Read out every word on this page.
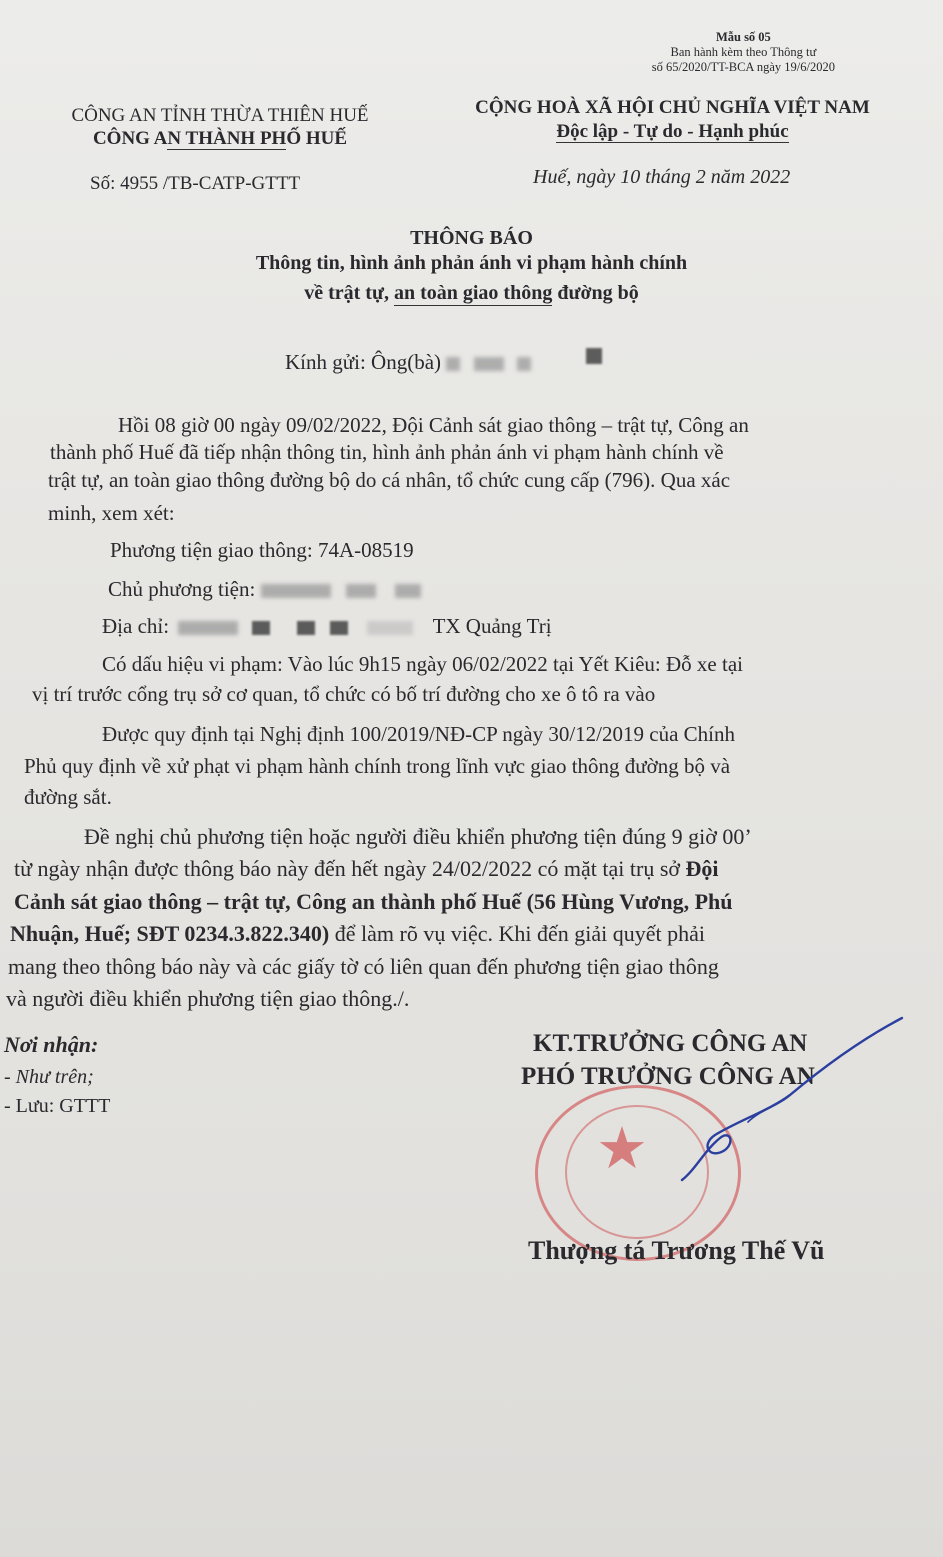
Mẫu số 05
Ban hành kèm theo Thông tư
số 65/2020/TT-BCA ngày 19/6/2020
CÔNG AN TỈNH THỪA THIÊN HUẾ
CÔNG AN THÀNH PHỐ HUẾ
CỘNG HOÀ XÃ HỘI CHỦ NGHĨA VIỆT NAM
Độc lập - Tự do - Hạnh phúc
Số: 4955 /TB-CATP-GTTT	Huế, ngày 10 tháng 2 năm 2022
THÔNG BÁO
Thông tin, hình ảnh phản ánh vi phạm hành chính
về trật tự, an toàn giao thông đường bộ
Kính gửi: Ông(bà)
Hồi 08 giờ 00 ngày 09/02/2022, Đội Cảnh sát giao thông – trật tự, Công an
thành phố Huế đã tiếp nhận thông tin, hình ảnh phản ánh vi phạm hành chính về
trật tự, an toàn giao thông đường bộ do cá nhân, tổ chức cung cấp (796). Qua xác
minh, xem xét:
Phương tiện giao thông: 74A-08519
Chủ phương tiện:
Địa chỉ:	TX Quảng Trị
Có dấu hiệu vi phạm: Vào lúc 9h15 ngày 06/02/2022 tại Yết Kiêu: Đỗ xe tại
vị trí trước cổng trụ sở cơ quan, tổ chức có bố trí đường cho xe ô tô ra vào
Được quy định tại Nghị định 100/2019/NĐ-CP ngày 30/12/2019 của Chính
Phủ quy định về xử phạt vi phạm hành chính trong lĩnh vực giao thông đường bộ và
đường sắt.
Đề nghị chủ phương tiện hoặc người điều khiển phương tiện đúng 9 giờ 00’
từ ngày nhận được thông báo này đến hết ngày 24/02/2022 có mặt tại trụ sở Đội
Cảnh sát giao thông – trật tự, Công an thành phố Huế (56 Hùng Vương, Phú
Nhuận, Huế; SĐT 0234.3.822.340) để làm rõ vụ việc. Khi đến giải quyết phải
mang theo thông báo này và các giấy tờ có liên quan đến phương tiện giao thông
và người điều khiển phương tiện giao thông./.
Nơi nhận:
- Như trên;
- Lưu: GTTT
★
KT.TRƯỞNG CÔNG AN
PHÓ TRƯỞNG CÔNG AN
Thượng tá Trương Thế Vũ
